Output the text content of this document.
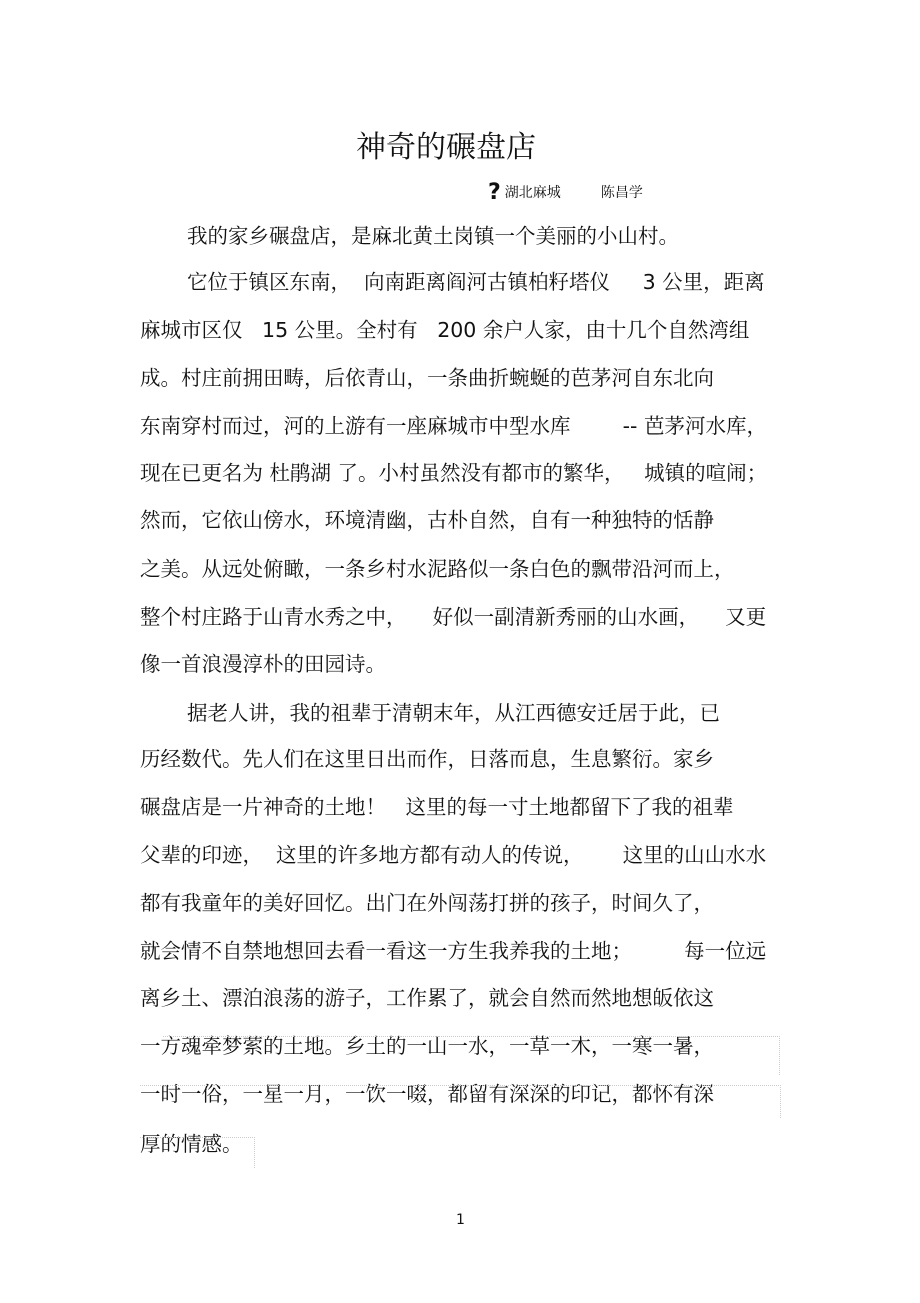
神奇的碾盘店
? 湖北麻城	陈昌学
我的家乡碾盘店，是麻北黄土岗镇一个美丽的小山村。
它位于镇区东南，  向南距离阎河古镇柏籽塔仪     3 公里，距离
麻城市区仅   15 公里。全村有   200 余户人家，由十几个自然湾组
成。村庄前拥田畴，后依青山，一条曲折蜿蜒的芭茅河自东北向
东南穿村而过，河的上游有一座麻城市中型水库        -- 芭茅河水库，
现在已更名为 杜鹃湖 了。小村虽然没有都市的繁华，   城镇的喧闹；
然而，它依山傍水，环境清幽，古朴自然，自有一种独特的恬静
之美。从远处俯瞰，一条乡村水泥路似一条白色的飘带沿河而上，
整个村庄路于山青水秀之中，    好似一副清新秀丽的山水画，    又更
像一首浪漫淳朴的田园诗。
据老人讲，我的祖辈于清朝末年，从江西德安迁居于此，已
历经数代。先人们在这里日出而作，日落而息，生息繁衍。家乡
碾盘店是一片神奇的土地！   这里的每一寸土地都留下了我的祖辈
父辈的印迹，  这里的许多地方都有动人的传说，      这里的山山水水
都有我童年的美好回忆。出门在外闯荡打拼的孩子，时间久了，
就会情不自禁地想回去看一看这一方生我养我的土地；        每一位远
离乡土、漂泊浪荡的游子，工作累了，就会自然而然地想皈依这
一方魂牵梦萦的土地。乡土的一山一水，一草一木，一寒一暑，
一时一俗，一星一月，一饮一啜，都留有深深的印记，都怀有深
厚的情感。
1
